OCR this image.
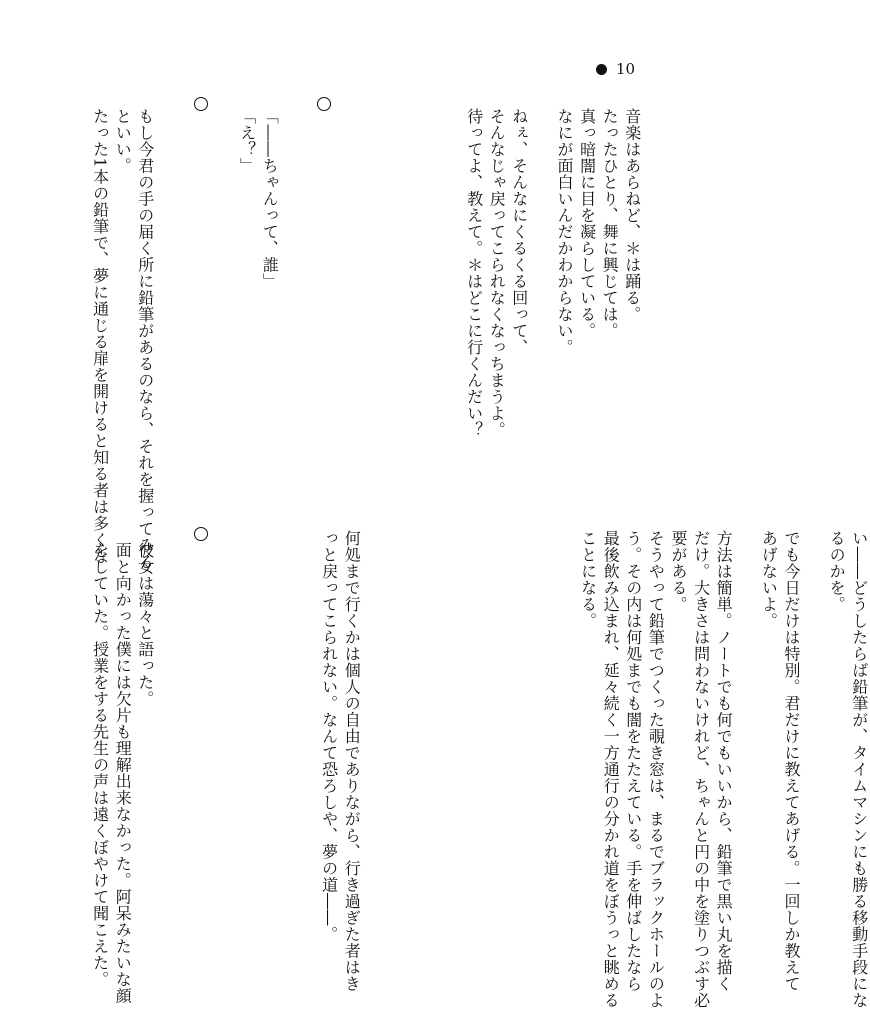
10

音楽はあらねど、＊は踊る。

たったひとり、舞に興じては。

真っ暗闇に目を凝らしている。

なにが面白いんだかわからない。

ねぇ、そんなにくるくる回って、

そんなじゃ戻ってこられなくなっちまうよ。

待ってよ、教えて。＊はどこに行くんだい？

「――ちゃんって、誰」

「え？」

もし今君の手の届く所に鉛筆があるのなら、それを握ってみる

といい。

たった1本の鉛筆で、夢に通じる扉を開けると知る者は多くな

い――どうしたらば鉛筆が、タイムマシンにも勝る移動手段にな

るのかを。

でも今日だけは特別。君だけに教えてあげる。一回しか教えて

あげないよ。

方法は簡単。ノートでも何でもいいから、鉛筆で黒い丸を描く

だけ。大きさは問わないけれど、ちゃんと円の中を塗りつぶす必

要がある。

そうやって鉛筆でつくった覗き窓は、まるでブラックホールのよ

う。その内は何処までも闇をたたえている。手を伸ばしたなら

最後飲み込まれ、延々続く一方通行の分かれ道をぼうっと眺める

ことになる。

何処まで行くかは個人の自由でありながら、行き過ぎた者はき

っと戻ってこられない。なんて恐ろしや、夢の道――。

彼女は蕩々と語った。

面と向かった僕には欠片も理解出来なかった。阿呆みたいな顔

をしていた。授業をする先生の声は遠くぼやけて聞こえた。
